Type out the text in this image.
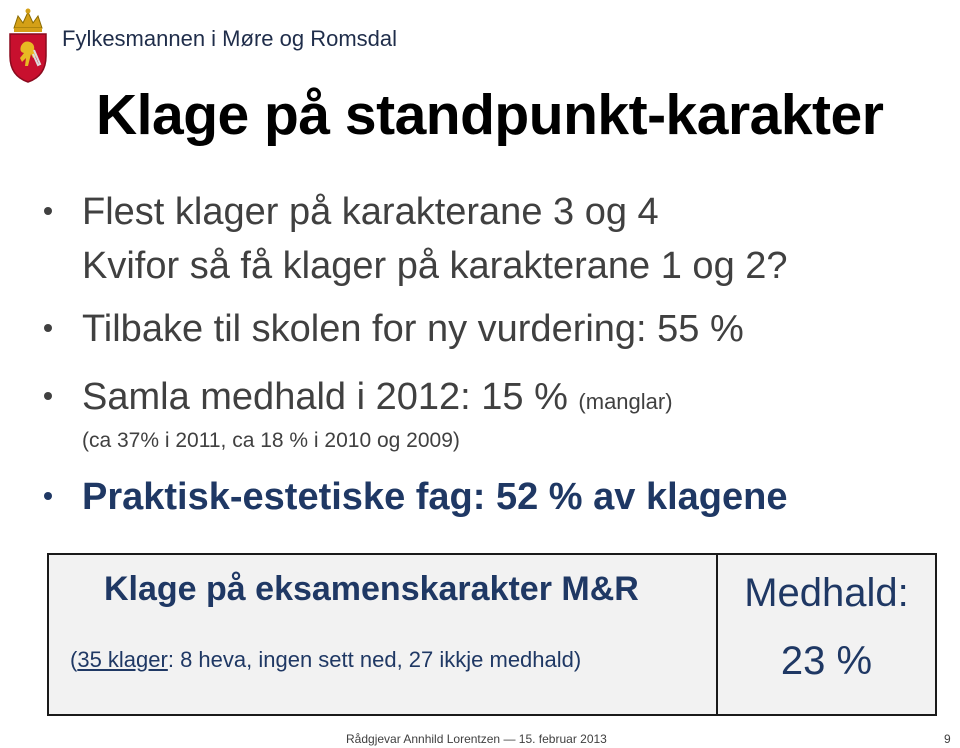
Fylkesmannen i Møre og Romsdal
Klage på standpunkt-karakter
Flest klager på karakterane 3 og 4
Kvifor så få klager på karakterane 1 og 2?
Tilbake til skolen for ny vurdering: 55 %
Samla medhald i 2012: 15 % (manglar)
(ca 37% i 2011, ca 18 % i 2010 og 2009)
Praktisk-estetiske fag: 52 % av klagene
Klage på eksamenskarakter M&R
(35 klager: 8 heva, ingen sett ned, 27 ikkje medhald)
Medhald:
23 %
Rådgjevar Annhild Lorentzen — 15. februar 2013	9
